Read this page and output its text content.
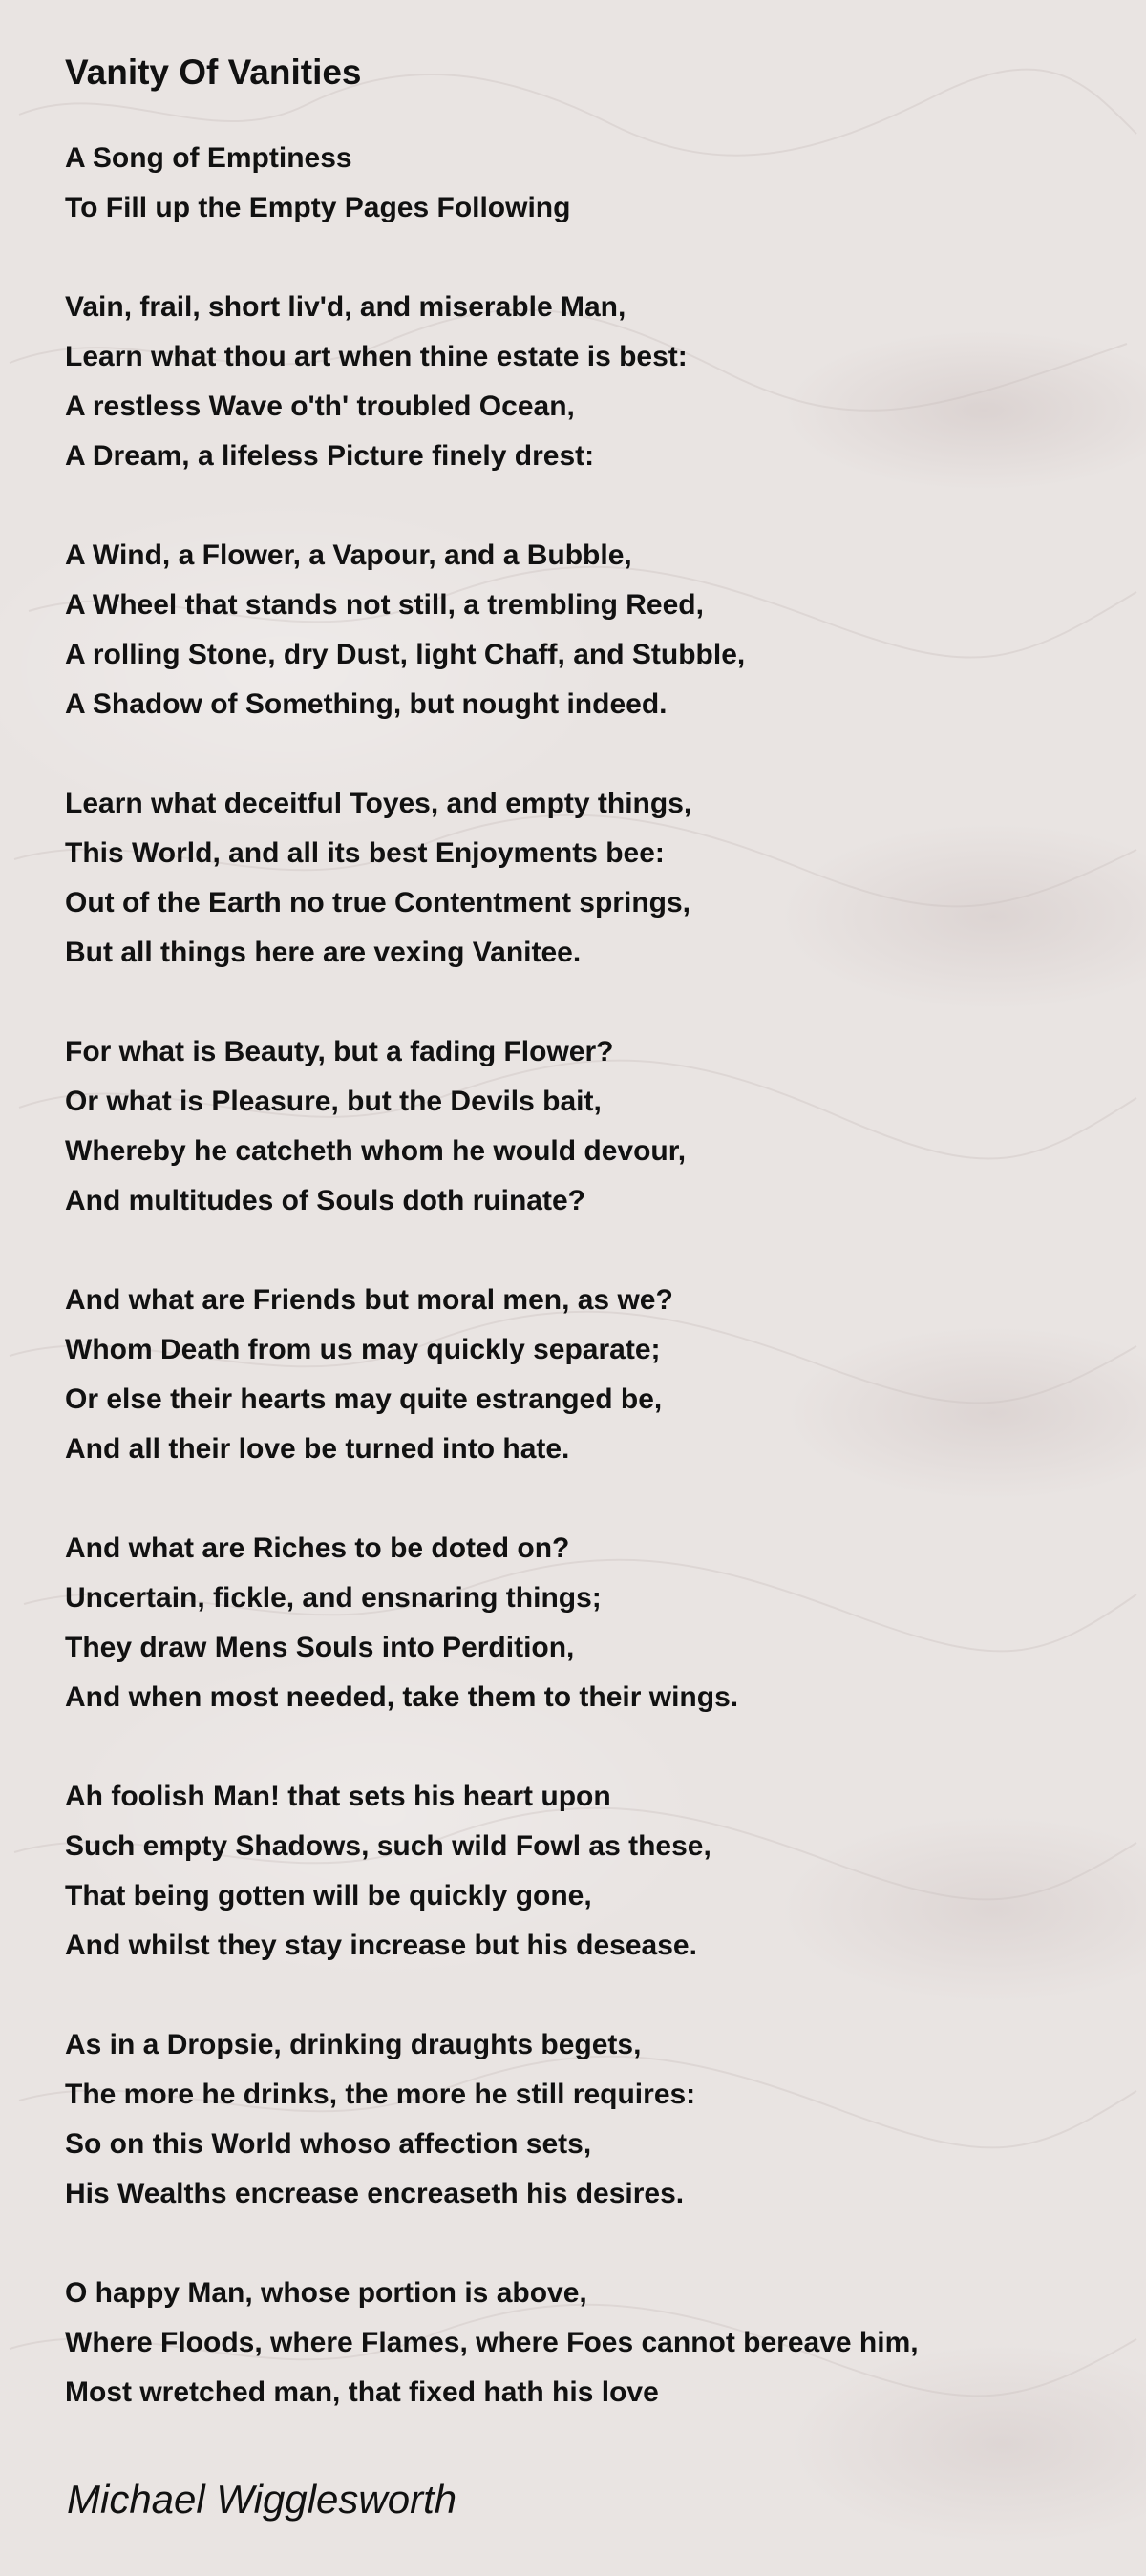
Vanity Of Vanities
A Song of Emptiness
To Fill up the Empty Pages Following
Vain, frail, short liv'd, and miserable Man,
Learn what thou art when thine estate is best:
A restless Wave o'th' troubled Ocean,
A Dream, a lifeless Picture finely drest:
A Wind, a Flower, a Vapour, and a Bubble,
A Wheel that stands not still, a trembling Reed,
A rolling Stone, dry Dust, light Chaff, and Stubble,
A Shadow of Something, but nought indeed.
Learn what deceitful Toyes, and empty things,
This World, and all its best Enjoyments bee:
Out of the Earth no true Contentment springs,
But all things here are vexing Vanitee.
For what is Beauty, but a fading Flower?
Or what is Pleasure, but the Devils bait,
Whereby he catcheth whom he would devour,
And multitudes of Souls doth ruinate?
And what are Friends but moral men, as we?
Whom Death from us may quickly separate;
Or else their hearts may quite estranged be,
And all their love be turned into hate.
And what are Riches to be doted on?
Uncertain, fickle, and ensnaring things;
They draw Mens Souls into Perdition,
And when most needed, take them to their wings.
Ah foolish Man! that sets his heart upon
Such empty Shadows, such wild Fowl as these,
That being gotten will be quickly gone,
And whilst they stay increase but his desease.
As in a Dropsie, drinking draughts begets,
The more he drinks, the more he still requires:
So on this World whoso affection sets,
His Wealths encrease encreaseth his desires.
O happy Man, whose portion is above,
Where Floods, where Flames, where Foes cannot bereave him,
Most wretched man, that fixed hath his love
Michael Wigglesworth
